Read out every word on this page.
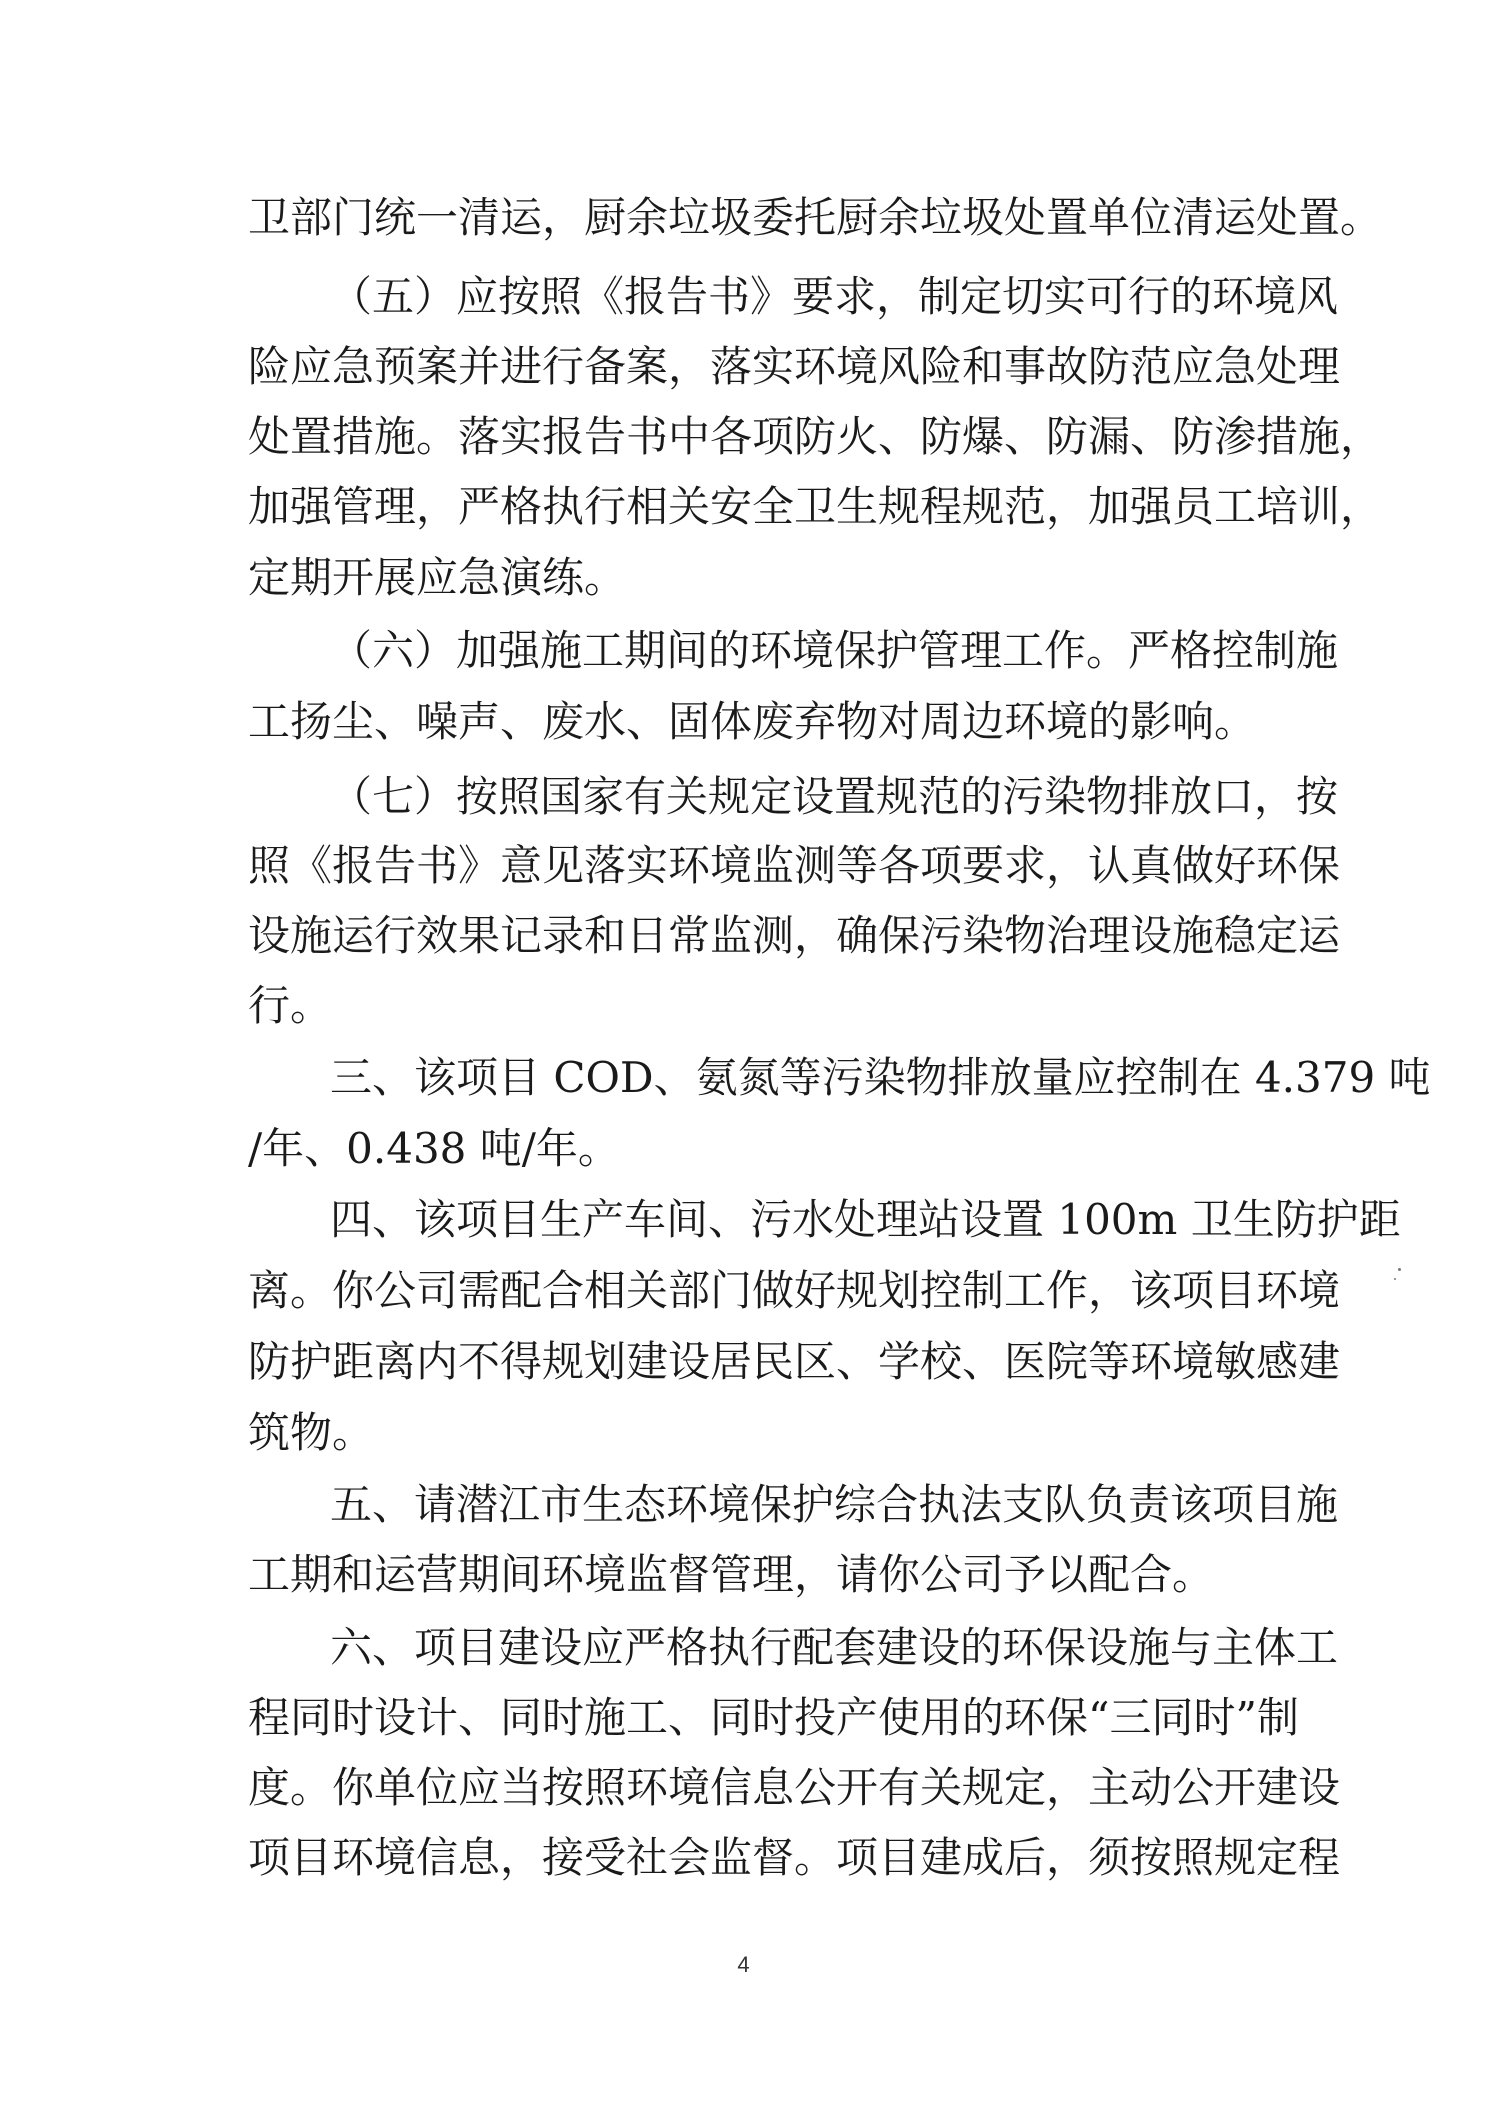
卫部门统一清运，厨余垃圾委托厨余垃圾处置单位清运处置。
（五）应按照《报告书》要求，制定切实可行的环境风
险应急预案并进行备案，落实环境风险和事故防范应急处理
处置措施。落实报告书中各项防火、防爆、防漏、防渗措施，
加强管理，严格执行相关安全卫生规程规范，加强员工培训，
定期开展应急演练。
（六）加强施工期间的环境保护管理工作。严格控制施
工扬尘、噪声、废水、固体废弃物对周边环境的影响。
（七）按照国家有关规定设置规范的污染物排放口，按
照《报告书》意见落实环境监测等各项要求，认真做好环保
设施运行效果记录和日常监测，确保污染物治理设施稳定运
行。
三、该项目 COD、氨氮等污染物排放量应控制在 4.379 吨
/年、0.438 吨/年。
四、该项目生产车间、污水处理站设置 100m 卫生防护距
离。你公司需配合相关部门做好规划控制工作，该项目环境
防护距离内不得规划建设居民区、学校、医院等环境敏感建
筑物。
五、请潜江市生态环境保护综合执法支队负责该项目施
工期和运营期间环境监督管理，请你公司予以配合。
六、项目建设应严格执行配套建设的环保设施与主体工
程同时设计、同时施工、同时投产使用的环保“三同时”制
度。你单位应当按照环境信息公开有关规定，主动公开建设
项目环境信息，接受社会监督。项目建成后，须按照规定程
4
